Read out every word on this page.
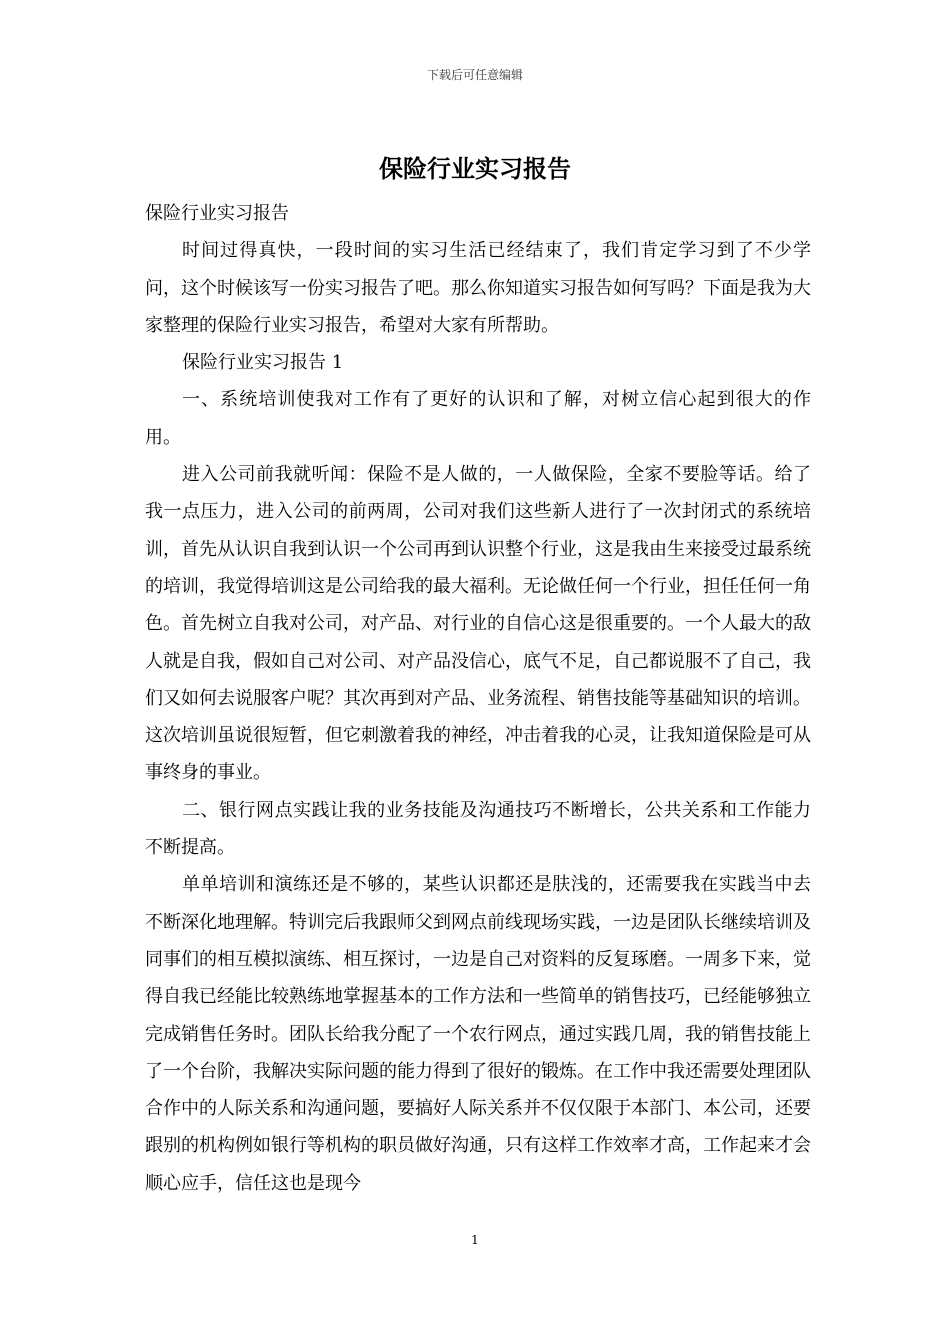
下载后可任意编辑
保险行业实习报告

保险行业实习报告

时间过得真快，一段时间的实习生活已经结束了，我们肯定学习到了不少学问，这个时候该写一份实习报告了吧。那么你知道实习报告如何写吗？下面是我为大家整理的保险行业实习报告，希望对大家有所帮助。

保险行业实习报告 1

一、系统培训使我对工作有了更好的认识和了解，对树立信心起到很大的作用。

进入公司前我就听闻：保险不是人做的，一人做保险，全家不要脸等话。给了我一点压力，进入公司的前两周，公司对我们这些新人进行了一次封闭式的系统培训，首先从认识自我到认识一个公司再到认识整个行业，这是我由生来接受过最系统的培训，我觉得培训这是公司给我的最大福利。无论做任何一个行业，担任任何一角色。首先树立自我对公司，对产品、对行业的自信心这是很重要的。一个人最大的敌人就是自我，假如自己对公司、对产品没信心，底气不足，自己都说服不了自己，我们又如何去说服客户呢？其次再到对产品、业务流程、销售技能等基础知识的培训。这次培训虽说很短暂，但它刺激着我的神经，冲击着我的心灵，让我知道保险是可从事终身的事业。

二、银行网点实践让我的业务技能及沟通技巧不断增长，公共关系和工作能力不断提高。

单单培训和演练还是不够的，某些认识都还是肤浅的，还需要我在实践当中去不断深化地理解。特训完后我跟师父到网点前线现场实践，一边是团队长继续培训及同事们的相互模拟演练、相互探讨，一边是自己对资料的反复琢磨。一周多下来，觉得自我已经能比较熟练地掌握基本的工作方法和一些简单的销售技巧，已经能够独立完成销售任务时。团队长给我分配了一个农行网点，通过实践几周，我的销售技能上了一个台阶，我解决实际问题的能力得到了很好的锻炼。在工作中我还需要处理团队合作中的人际关系和沟通问题，要搞好人际关系并不仅仅限于本部门、本公司，还要跟别的机构例如银行等机构的职员做好沟通，只有这样工作效率才高，工作起来才会顺心应手，信任这也是现今

1
